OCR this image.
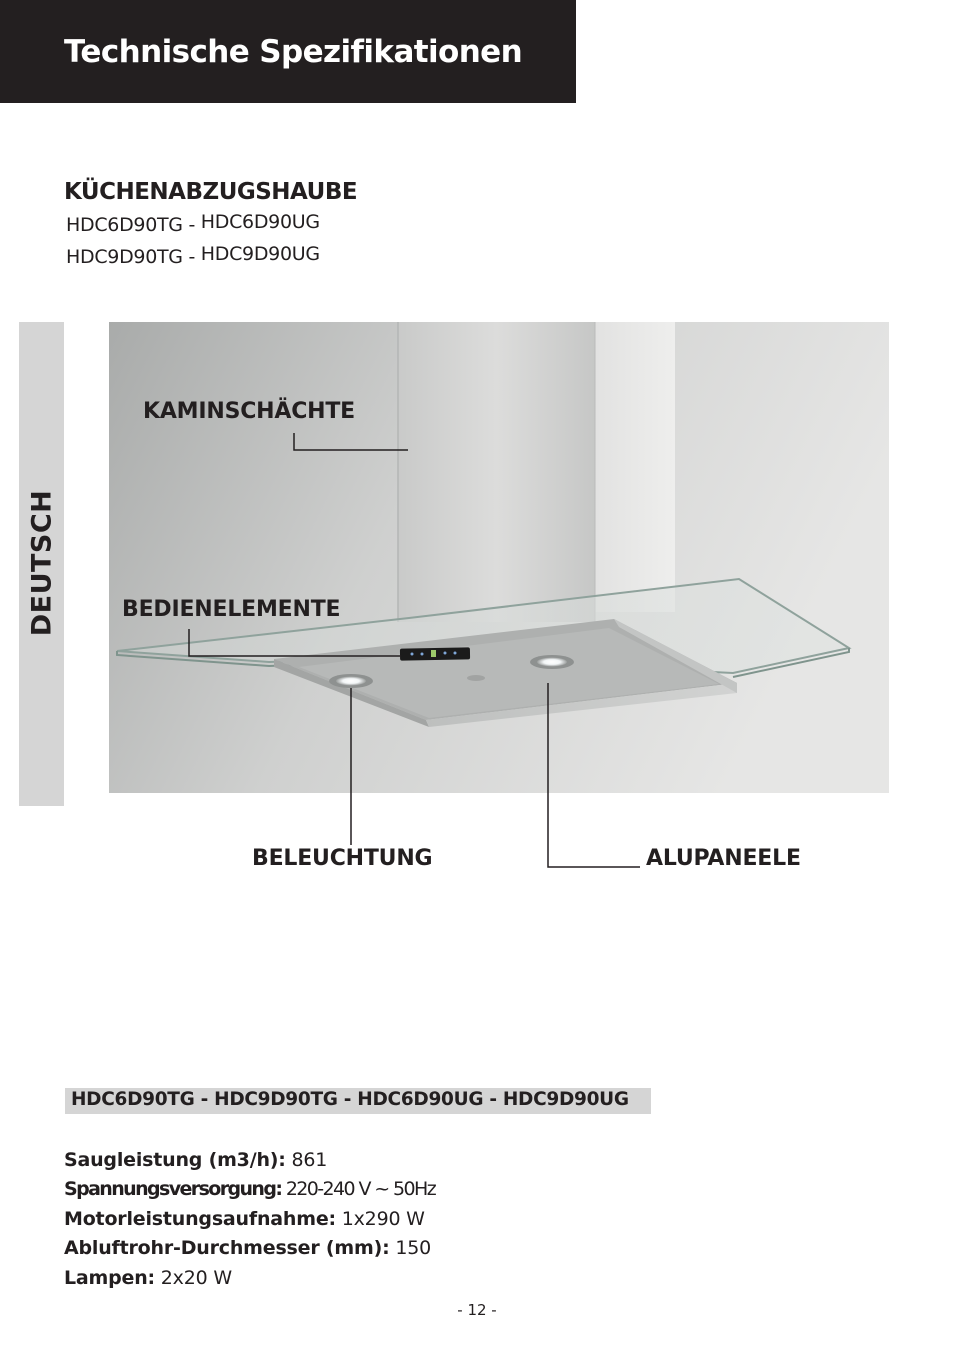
Technische Spezifikationen
KÜCHENABZUGSHAUBE
HDC6D90TG - HDC6D90UG
HDC9D90TG - HDC9D90UG
DEUTSCH
KAMINSCHÄCHTE
BEDIENELEMENTE
BELEUCHTUNG	ALUPANEELE
HDC6D90TG - HDC9D90TG - HDC6D90UG - HDC9D90UG
Saugleistung (m3/h): 861
Spannungsversorgung: 220-240 V ~ 50Hz
Motorleistungsaufnahme: 1x290 W
Abluftrohr-Durchmesser (mm): 150
Lampen: 2x20 W
- 12 -
